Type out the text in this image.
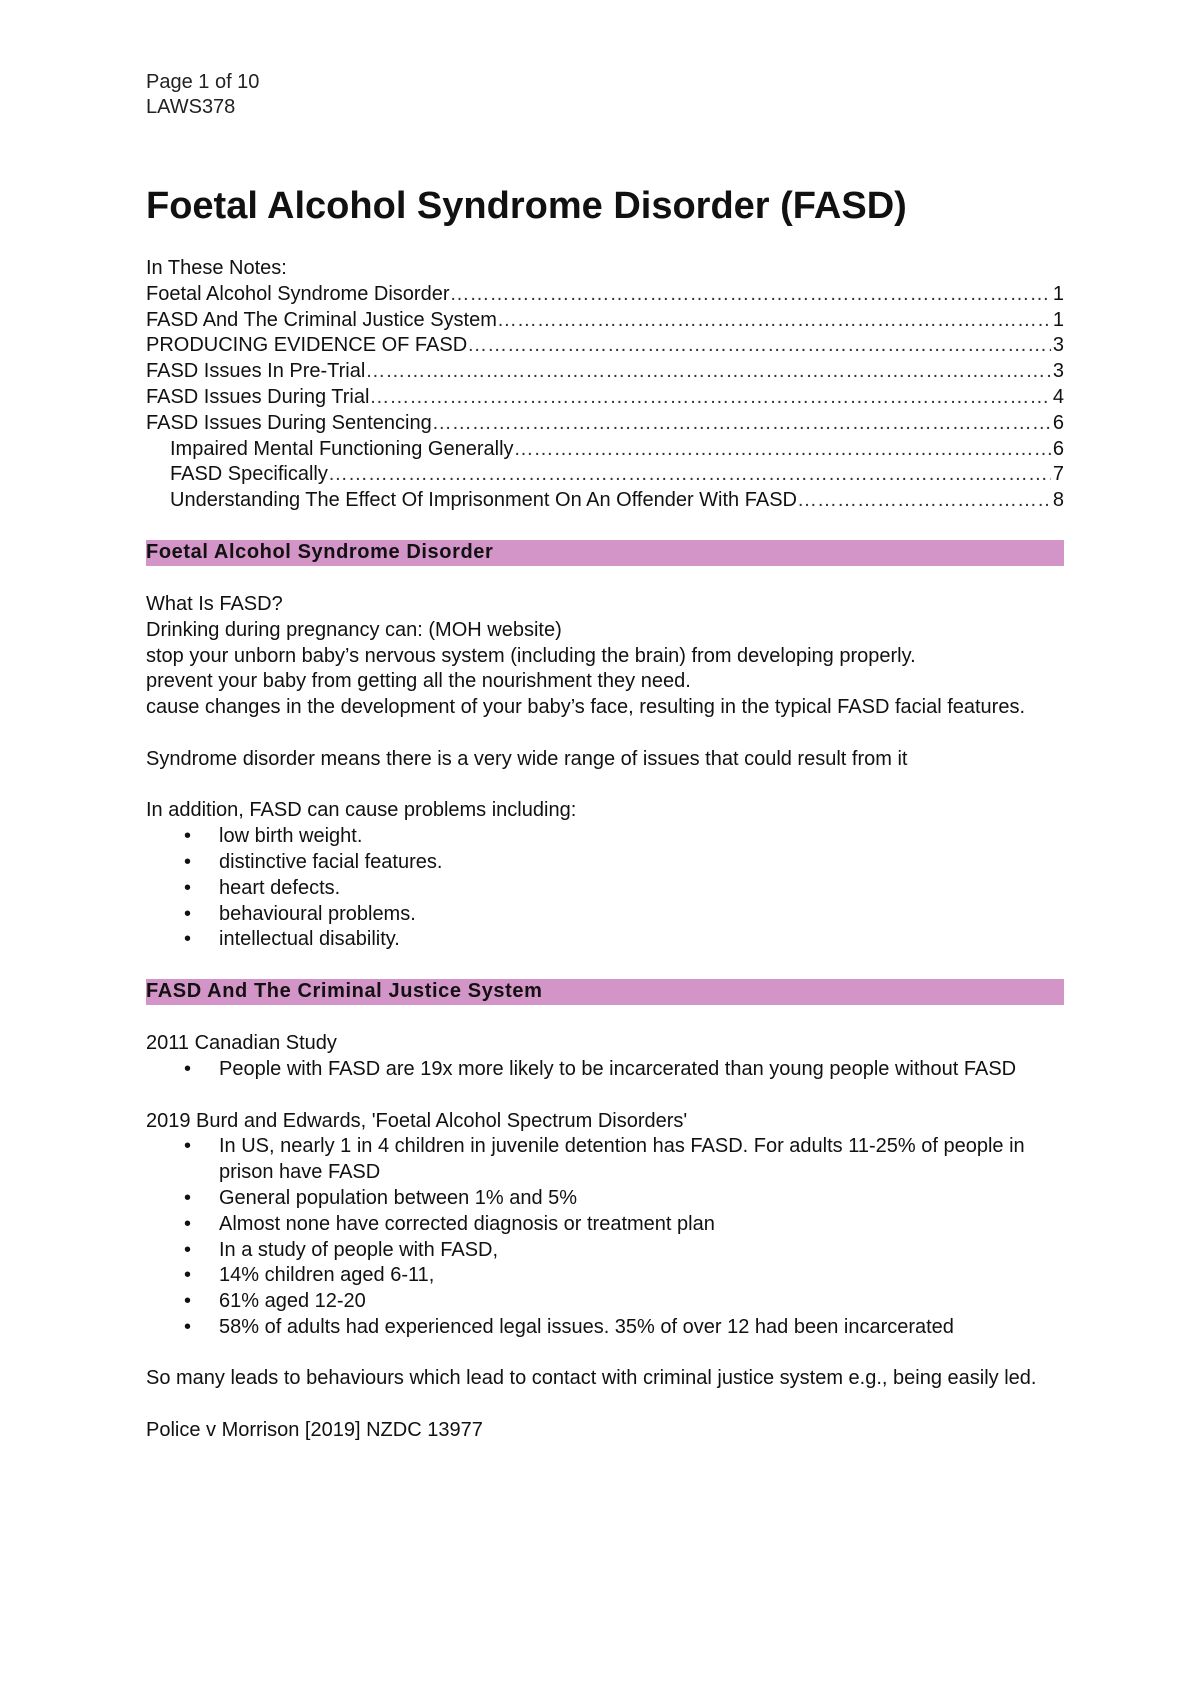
Page 1 of 10
LAWS378
Foetal Alcohol Syndrome Disorder (FASD)
In These Notes:
Foetal Alcohol Syndrome Disorder ……………………………………………………………………………………………………………………………………………………………………………………	1
FASD And The Criminal Justice System ……………………………………………………………………………………………………………………………………………………………………………………	1
PRODUCING EVIDENCE OF FASD ……………………………………………………………………………………………………………………………………………………………………………………	3
FASD Issues In Pre-Trial ……………………………………………………………………………………………………………………………………………………………………………………	3
FASD Issues During Trial ……………………………………………………………………………………………………………………………………………………………………………………	4
FASD Issues During Sentencing ……………………………………………………………………………………………………………………………………………………………………………………	6
Impaired Mental Functioning Generally ……………………………………………………………………………………………………………………………………………………………………………………	6
FASD Specifically ……………………………………………………………………………………………………………………………………………………………………………………	7
Understanding The Effect Of Imprisonment On An Offender With FASD ……………………………………………………………………………………………………………………………………………………………………………………	8
Foetal Alcohol Syndrome Disorder
What Is FASD?
Drinking during pregnancy can: (MOH website)
stop your unborn baby’s nervous system (including the brain) from developing properly.
prevent your baby from getting all the nourishment they need.
cause changes in the development of your baby’s face, resulting in the typical FASD facial features.
Syndrome disorder means there is a very wide range of issues that could result from it
In addition, FASD can cause problems including:
• low birth weight.
• distinctive facial features.
• heart defects.
• behavioural problems.
• intellectual disability.
FASD And The Criminal Justice System
2011 Canadian Study
• People with FASD are 19x more likely to be incarcerated than young people without FASD
2019 Burd and Edwards, 'Foetal Alcohol Spectrum Disorders'
• In US, nearly 1 in 4 children in juvenile detention has FASD. For adults 11-25% of people in prison have FASD
• General population between 1% and 5%
• Almost none have corrected diagnosis or treatment plan
• In a study of people with FASD,
• 14% children aged 6-11,
• 61% aged 12-20
• 58% of adults had experienced legal issues. 35% of over 12 had been incarcerated
So many leads to behaviours which lead to contact with criminal justice system e.g., being easily led.
Police v Morrison [2019] NZDC 13977
